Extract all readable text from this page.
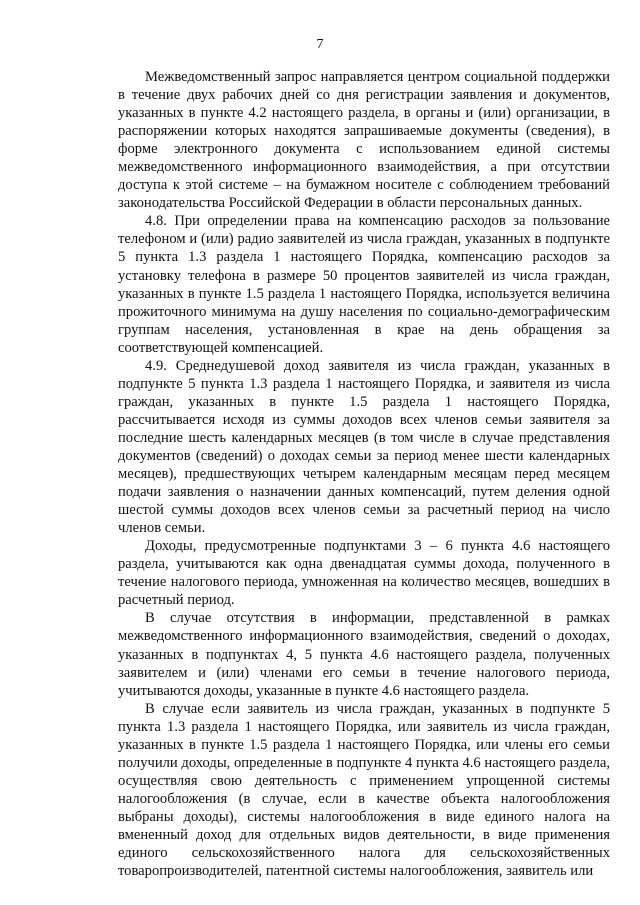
7

Межведомственный запрос направляется центром социальной поддержки в течение двух рабочих дней со дня регистрации заявления и документов, указанных в пункте 4.2 настоящего раздела, в органы и (или) организации, в распоряжении которых находятся запрашиваемые документы (сведения), в форме электронного документа с использованием единой системы межведомственного информационного взаимодействия, а при отсутствии доступа к этой системе – на бумажном носителе с соблюдением требований законодательства Российской Федерации в области персональных данных.

4.8. При определении права на компенсацию расходов за пользование телефоном и (или) радио заявителей из числа граждан, указанных в подпункте 5 пункта 1.3 раздела 1 настоящего Порядка, компенсацию расходов за установку телефона в размере 50 процентов заявителей из числа граждан, указанных в пункте 1.5 раздела 1 настоящего Порядка, используется величина прожиточного минимума на душу населения по социально-демографическим группам населения, установленная в крае на день обращения за соответствующей компенсацией.

4.9. Среднедушевой доход заявителя из числа граждан, указанных в подпункте 5 пункта 1.3 раздела 1 настоящего Порядка, и заявителя из числа граждан, указанных в пункте 1.5 раздела 1 настоящего Порядка, рассчитывается исходя из суммы доходов всех членов семьи заявителя за последние шесть календарных месяцев (в том числе в случае представления документов (сведений) о доходах семьи за период менее шести календарных месяцев), предшествующих четырем календарным месяцам перед месяцем подачи заявления о назначении данных компенсаций, путем деления одной шестой суммы доходов всех членов семьи за расчетный период на число членов семьи.

Доходы, предусмотренные подпунктами 3 – 6 пункта 4.6 настоящего раздела, учитываются как одна двенадцатая суммы дохода, полученного в течение налогового периода, умноженная на количество месяцев, вошедших в расчетный период.

В случае отсутствия в информации, представленной в рамках межведомственного информационного взаимодействия, сведений о доходах, указанных в подпунктах 4, 5 пункта 4.6 настоящего раздела, полученных заявителем и (или) членами его семьи в течение налогового периода, учитываются доходы, указанные в пункте 4.6 настоящего раздела.

В случае если заявитель из числа граждан, указанных в подпункте 5 пункта 1.3 раздела 1 настоящего Порядка, или заявитель из числа граждан, указанных в пункте 1.5 раздела 1 настоящего Порядка, или члены его семьи получили доходы, определенные в подпункте 4 пункта 4.6 настоящего раздела, осуществляя свою деятельность с применением упрощенной системы налогообложения (в случае, если в качестве объекта налогообложения выбраны доходы), системы налогообложения в виде единого налога на вмененный доход для отдельных видов деятельности, в виде применения единого сельскохозяйственного налога для сельскохозяйственных товаропроизводителей, патентной системы налогообложения, заявитель или
